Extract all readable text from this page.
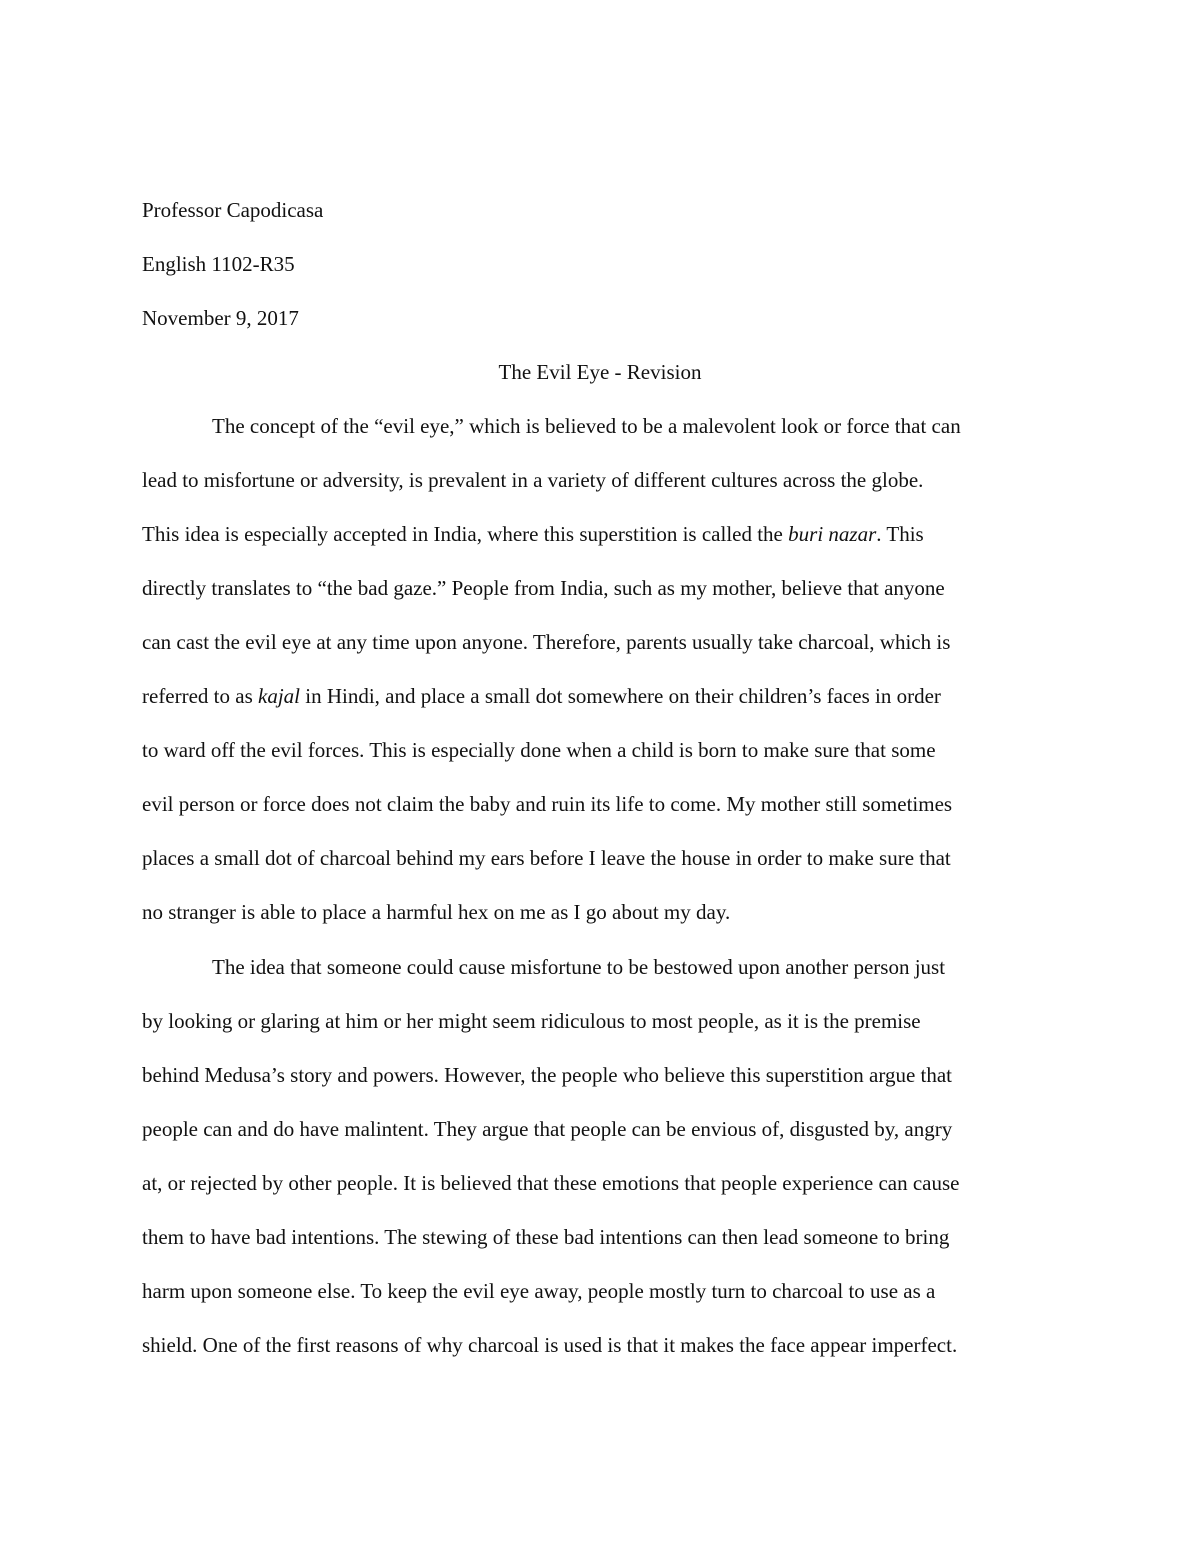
Professor Capodicasa

English 1102-R35

November 9, 2017

The Evil Eye - Revision

The concept of the “evil eye,” which is believed to be a malevolent look or force that can

lead to misfortune or adversity, is prevalent in a variety of different cultures across the globe.

This idea is especially accepted in India, where this superstition is called the buri nazar. This

directly translates to “the bad gaze.” People from India, such as my mother, believe that anyone

can cast the evil eye at any time upon anyone. Therefore, parents usually take charcoal, which is

referred to as kajal in Hindi, and place a small dot somewhere on their children’s faces in order

to ward off the evil forces. This is especially done when a child is born to make sure that some

evil person or force does not claim the baby and ruin its life to come. My mother still sometimes

places a small dot of charcoal behind my ears before I leave the house in order to make sure that

no stranger is able to place a harmful hex on me as I go about my day.

The idea that someone could cause misfortune to be bestowed upon another person just

by looking or glaring at him or her might seem ridiculous to most people, as it is the premise

behind Medusa’s story and powers. However, the people who believe this superstition argue that

people can and do have malintent. They argue that people can be envious of, disgusted by, angry

at, or rejected by other people. It is believed that these emotions that people experience can cause

them to have bad intentions. The stewing of these bad intentions can then lead someone to bring

harm upon someone else. To keep the evil eye away, people mostly turn to charcoal to use as a

shield. One of the first reasons of why charcoal is used is that it makes the face appear imperfect.
